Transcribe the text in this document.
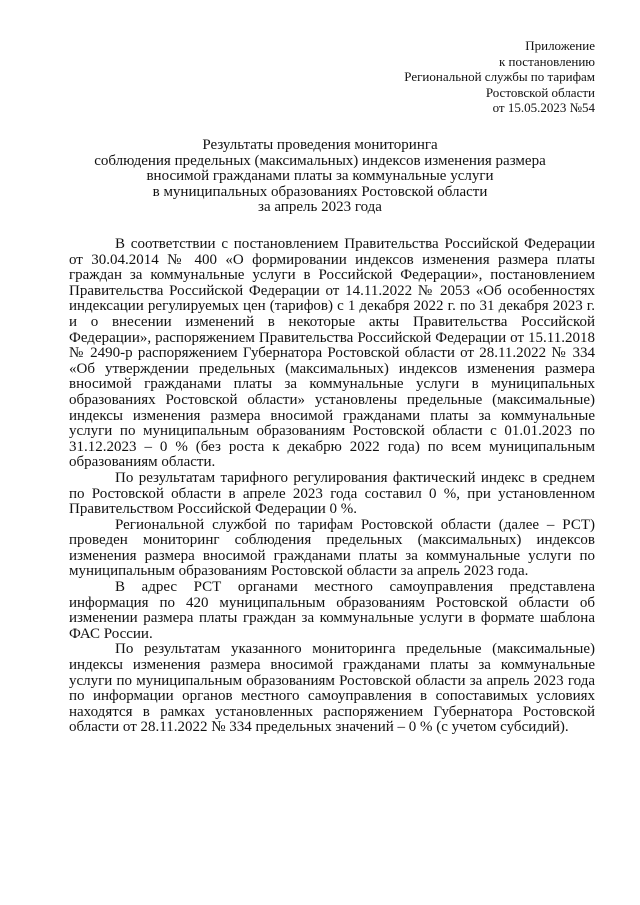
Приложение
к постановлению
Региональной службы по тарифам
Ростовской области
от 15.05.2023 №54
Результаты проведения мониторинга
соблюдения предельных (максимальных) индексов изменения размера
вносимой гражданами платы за коммунальные услуги
в муниципальных образованиях Ростовской области
за апрель 2023 года

В соответствии с постановлением Правительства Российской Федерации от 30.04.2014 № 400 «О формировании индексов изменения размера платы граждан за коммунальные услуги в Российской Федерации», постановлением Правительства Российской Федерации от 14.11.2022 № 2053 «Об особенностях индексации регулируемых цен (тарифов) с 1 декабря 2022 г. по 31 декабря 2023 г. и о внесении изменений в некоторые акты Правительства Российской Федерации», распоряжением Правительства Российской Федерации от 15.11.2018 № 2490-р распоряжением Губернатора Ростовской области от 28.11.2022 № 334 «Об утверждении предельных (максимальных) индексов изменения размера вносимой гражданами платы за коммунальные услуги в муниципальных образованиях Ростовской области» установлены предельные (максимальные) индексы изменения размера вносимой гражданами платы за коммунальные услуги по муниципальным образованиям Ростовской области с 01.01.2023 по 31.12.2023 – 0 % (без роста к декабрю 2022 года) по всем муниципальным образованиям области.

По результатам тарифного регулирования фактический индекс в среднем по Ростовской области в апреле 2023 года составил 0 %, при установленном Правительством Российской Федерации 0 %.

Региональной службой по тарифам Ростовской области (далее – РСТ) проведен мониторинг соблюдения предельных (максимальных) индексов изменения размера вносимой гражданами платы за коммунальные услуги по муниципальным образованиям Ростовской области за апрель 2023 года.

В адрес РСТ органами местного самоуправления представлена информация по 420 муниципальным образованиям Ростовской области об изменении размера платы граждан за коммунальные услуги в формате шаблона ФАС России.

По результатам указанного мониторинга предельные (максимальные) индексы изменения размера вносимой гражданами платы за коммунальные услуги по муниципальным образованиям Ростовской области за апрель 2023 года по информации органов местного самоуправления в сопоставимых условиях находятся в рамках установленных распоряжением Губернатора Ростовской области от 28.11.2022 № 334 предельных значений – 0 % (с учетом субсидий).
